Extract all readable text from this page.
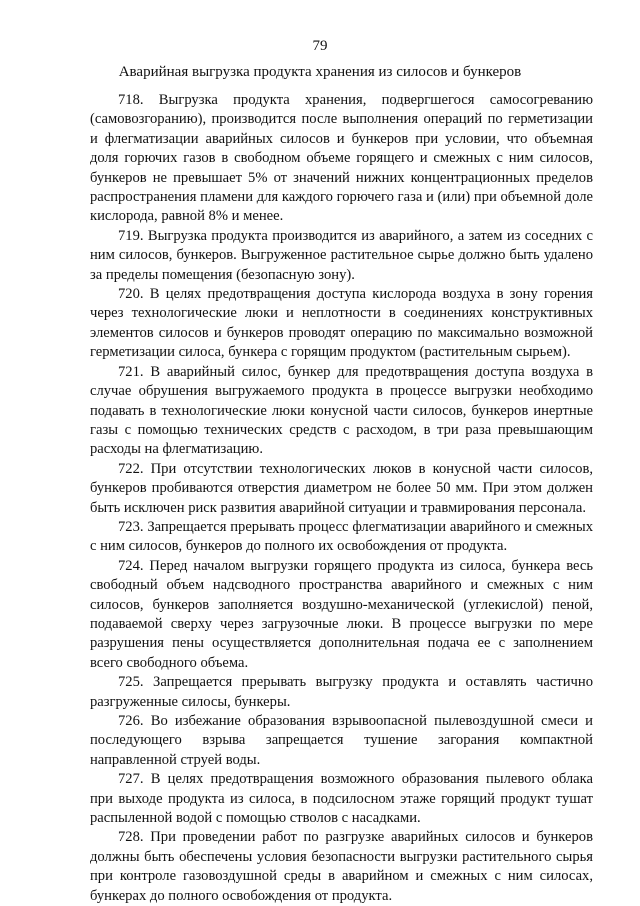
79
Аварийная выгрузка продукта хранения из силосов и бункеров

718. Выгрузка продукта хранения, подвергшегося самосогреванию (самовозгоранию), производится после выполнения операций по герметизации и флегматизации аварийных силосов и бункеров при условии, что объемная доля горючих газов в свободном объеме горящего и смежных с ним силосов, бункеров не превышает 5% от значений нижних концентрационных пределов распространения пламени для каждого горючего газа и (или) при объемной доле кислорода, равной 8% и менее.

719. Выгрузка продукта производится из аварийного, а затем из соседних с ним силосов, бункеров. Выгруженное растительное сырье должно быть удалено за пределы помещения (безопасную зону).

720. В целях предотвращения доступа кислорода воздуха в зону горения через технологические люки и неплотности в соединениях конструктивных элементов силосов и бункеров проводят операцию по максимально возможной герметизации силоса, бункера с горящим продуктом (растительным сырьем).

721. В аварийный силос, бункер для предотвращения доступа воздуха в случае обрушения выгружаемого продукта в процессе выгрузки необходимо подавать в технологические люки конусной части силосов, бункеров инертные газы с помощью технических средств с расходом, в три раза превышающим расходы на флегматизацию.

722. При отсутствии технологических люков в конусной части силосов, бункеров пробиваются отверстия диаметром не более 50 мм. При этом должен быть исключен риск развития аварийной ситуации и травмирования персонала.

723. Запрещается прерывать процесс флегматизации аварийного и смежных с ним силосов, бункеров до полного их освобождения от продукта.

724. Перед началом выгрузки горящего продукта из силоса, бункера весь свободный объем надсводного пространства аварийного и смежных с ним силосов, бункеров заполняется воздушно-механической (углекислой) пеной, подаваемой сверху через загрузочные люки. В процессе выгрузки по мере разрушения пены осуществляется дополнительная подача ее с заполнением всего свободного объема.

725. Запрещается прерывать выгрузку продукта и оставлять частично разгруженные силосы, бункеры.

726. Во избежание образования взрывоопасной пылевоздушной смеси и последующего взрыва запрещается тушение загорания компактной направленной струей воды.

727. В целях предотвращения возможного образования пылевого облака при выходе продукта из силоса, в подсилосном этаже горящий продукт тушат распыленной водой с помощью стволов с насадками.

728. При проведении работ по разгрузке аварийных силосов и бункеров должны быть обеспечены условия безопасности выгрузки растительного сырья при контроле газовоздушной среды в аварийном и смежных с ним силосах, бункерах до полного освобождения от продукта.
